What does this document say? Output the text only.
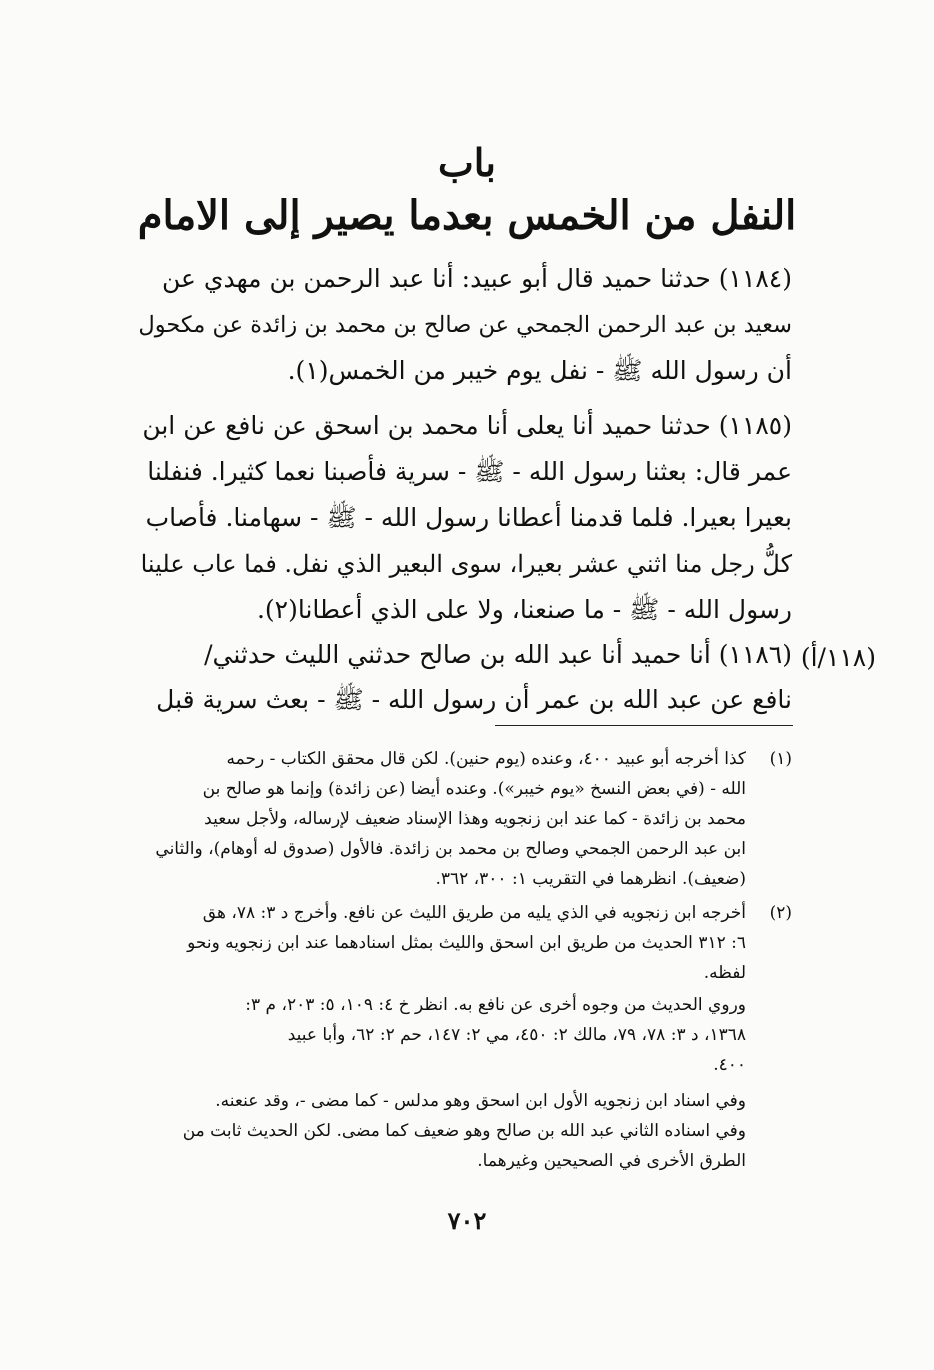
باب
النفل من الخمس بعدما يصير إلى الامام
(١١٨٤) حدثنا حميد قال أبو عبيد: أنا عبد الرحمن بن مهدي عن
سعيد بن عبد الرحمن الجمحي عن صالح بن محمد بن زائدة عن مكحول
أن رسول الله ﷺ - نفل يوم خيبر من الخمس(١).
(١١٨٥) حدثنا حميد أنا يعلى أنا محمد بن اسحق عن نافع عن ابن
عمر قال: بعثنا رسول الله - ﷺ - سرية فأصبنا نعما كثيرا. فنفلنا
بعيرا بعيرا. فلما قدمنا أعطانا رسول الله - ﷺ - سهامنا. فأصاب
كلُّ رجل منا اثني عشر بعيرا، سوى البعير الذي نفل. فما عاب علينا
رسول الله - ﷺ - ما صنعنا، ولا على الذي أعطانا(٢).
(١١٨/أ)
(١١٨٦) أنا حميد أنا عبد الله بن صالح حدثني الليث حدثني/
نافع عن عبد الله بن عمر أن رسول الله - ﷺ - بعث سرية قبل
(١)
كذا أخرجه أبو عبيد ٤٠٠، وعنده (يوم حنين). لكن قال محقق الكتاب - رحمه
الله - (في بعض النسخ «يوم خيبر»). وعنده أيضا (عن زائدة) وإنما هو صالح بن
محمد بن زائدة - كما عند ابن زنجويه وهذا الإسناد ضعيف لإرساله، ولأجل سعيد
ابن عبد الرحمن الجمحي وصالح بن محمد بن زائدة. فالأول (صدوق له أوهام)، والثاني
(ضعيف). انظرهما في التقريب ١: ٣٠٠، ٣٦٢.
(٢)
أخرجه ابن زنجويه في الذي يليه من طريق الليث عن نافع. وأخرج د ٣: ٧٨، هق
٦: ٣١٢ الحديث من طريق ابن اسحق والليث بمثل اسنادهما عند ابن زنجويه ونحو
لفظه.
وروي الحديث من وجوه أخرى عن نافع به. انظر خ ٤: ١٠٩، ٥: ٢٠٣، م ٣:
١٣٦٨، د ٣: ٧٨، ٧٩، مالك ٢: ٤٥٠، مي ٢: ١٤٧، حم ٢: ٦٢، وأبا عبيد
٤٠٠.
وفي اسناد ابن زنجويه الأول ابن اسحق وهو مدلس - كما مضى -، وقد عنعنه.
وفي اسناده الثاني عبد الله بن صالح وهو ضعيف كما مضى. لكن الحديث ثابت من
الطرق الأخرى في الصحيحين وغيرهما.
٧٠٢
